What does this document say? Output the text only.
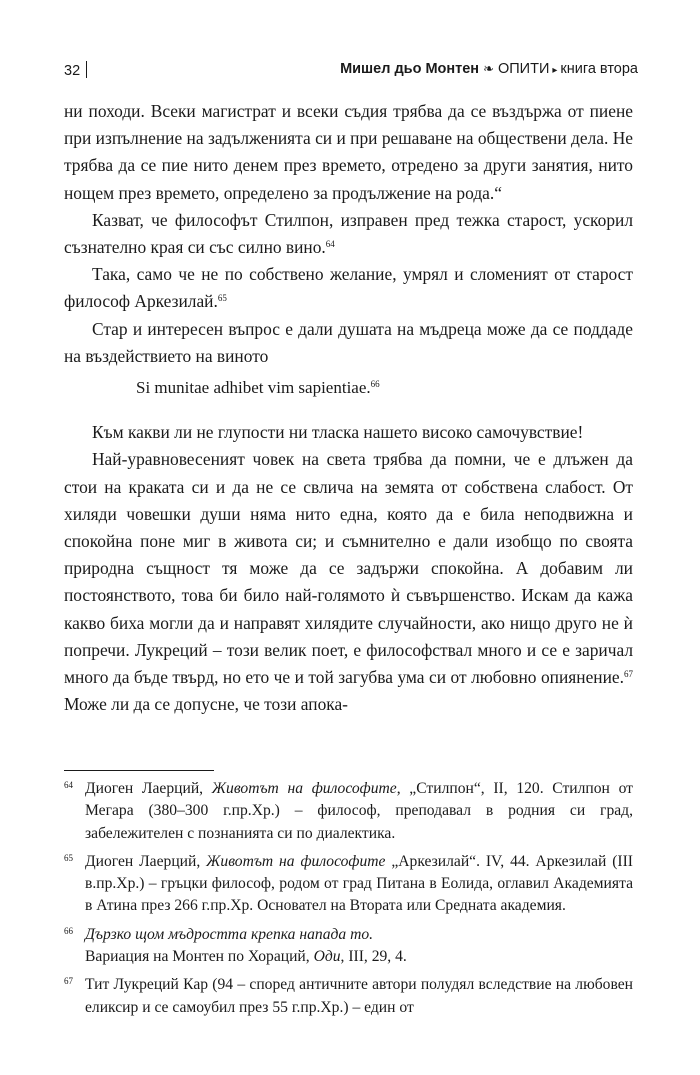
32	Мишел дьо Монтен ❧ ОПИТИ ▸ книга втора

ни походи. Всеки магистрат и всеки съдия трябва да се въздържа от пиене при изпълнение на задълженията си и при решаване на обществени дела. Не трябва да се пие нито денем през времето, отредено за други занятия, нито нощем през времето, определено за продължение на рода.“

Казват, че философът Стилпон, изправен пред тежка старост, ускорил съзнателно края си със силно вино.$^{64}$

Така, само че не по собствено желание, умрял и сломеният от старост философ Аркезилай.$^{65}$

Стар и интересен въпрос е дали душата на мъдреца може да се поддаде на въздействието на виното

Si munitae adhibet vim sapientiae.$^{66}$

Към какви ли не глупости ни тласка нашето високо самочувствие!

Най-уравновесеният човек на света трябва да помни, че е длъжен да стои на краката си и да не се свлича на земята от собствена слабост. От хиляди човешки души няма нито една, която да е била неподвижна и спокойна поне миг в живота си; и съмнително е дали изобщо по своята природна същност тя може да се задържи спокойна. А добавим ли постоянството, това би било най-голямото ѝ съвършенство. Искам да кажа какво биха могли да и направят хилядите случайности, ако нищо друго не ѝ попречи. Лукреций – този велик поет, е философствал много и се е заричал много да бъде твърд, но ето че и той загубва ума си от любовно опиянение.$^{67}$ Може ли да се допусне, че този апока-

64 Диоген Лаерций, Животът на философите, „Стилпон“, II, 120. Стилпон от Мегара (380–300 г.пр.Хр.) – философ, преподавал в родния си град, забележителен с познанията си по диалектика.
65 Диоген Лаерций, Животът на философите „Аркезилай“. IV, 44. Аркезилай (III в.пр.Хр.) – гръцки философ, родом от град Питана в Еолида, оглавил Академията в Атина през 266 г.пр.Хр. Основател на Втората или Средната академия.
66 Дързко щом мъдростта крепка напада то.
Вариация на Монтен по Хораций, Оди, III, 29, 4.
67 Тит Лукреций Кар (94 – според античните автори полудял вследствие на любовен еликсир и се самоубил през 55 г.пр.Хр.) – един от
